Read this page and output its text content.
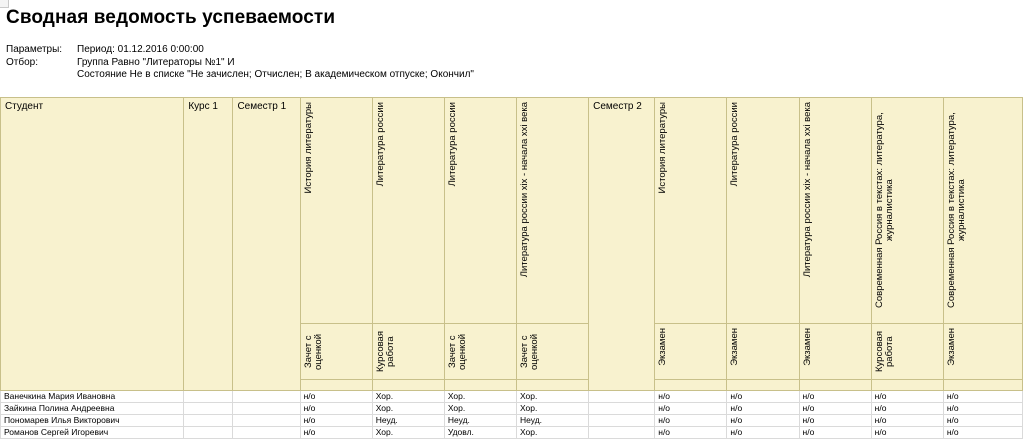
Сводная ведомость успеваемости
Параметры:	Период: 01.12.2016 0:00:00
Отбор:	Группа Равно "Литераторы №1" И
Состояние Не в списке "Не зачислен; Отчислен; В академическом отпуске; Окончил"
Студент	Курс 1	Семестр 1	История литературы	Литература россии	Литература россии	Литература россии xix - начала xxi века	Семестр 2	История литературы	Литература россии	Литература россии xix - начала xxi века	Современная Россия в текстах: литература, журналистика	Современная Россия в текстах: литература, журналистика

			Зачет с оценкой	Курсовая работа	Зачет с оценкой	Зачет с оценкой		Экзамен	Экзамен	Экзамен	Курсовая работа	Экзамен

Ванечкина Мария Ивановна			н/о	Хор.	Хор.	Хор.		н/о	н/о	н/о	н/о	н/о
Зайкина Полина Андреевна			н/о	Хор.	Хор.	Хор.		н/о	н/о	н/о	н/о	н/о
Пономарев Илья Викторович			н/о	Неуд.	Неуд.	Неуд.		н/о	н/о	н/о	н/о	н/о
Романов Сергей Игоревич			н/о	Хор.	Удовл.	Хор.		н/о	н/о	н/о	н/о	н/о
